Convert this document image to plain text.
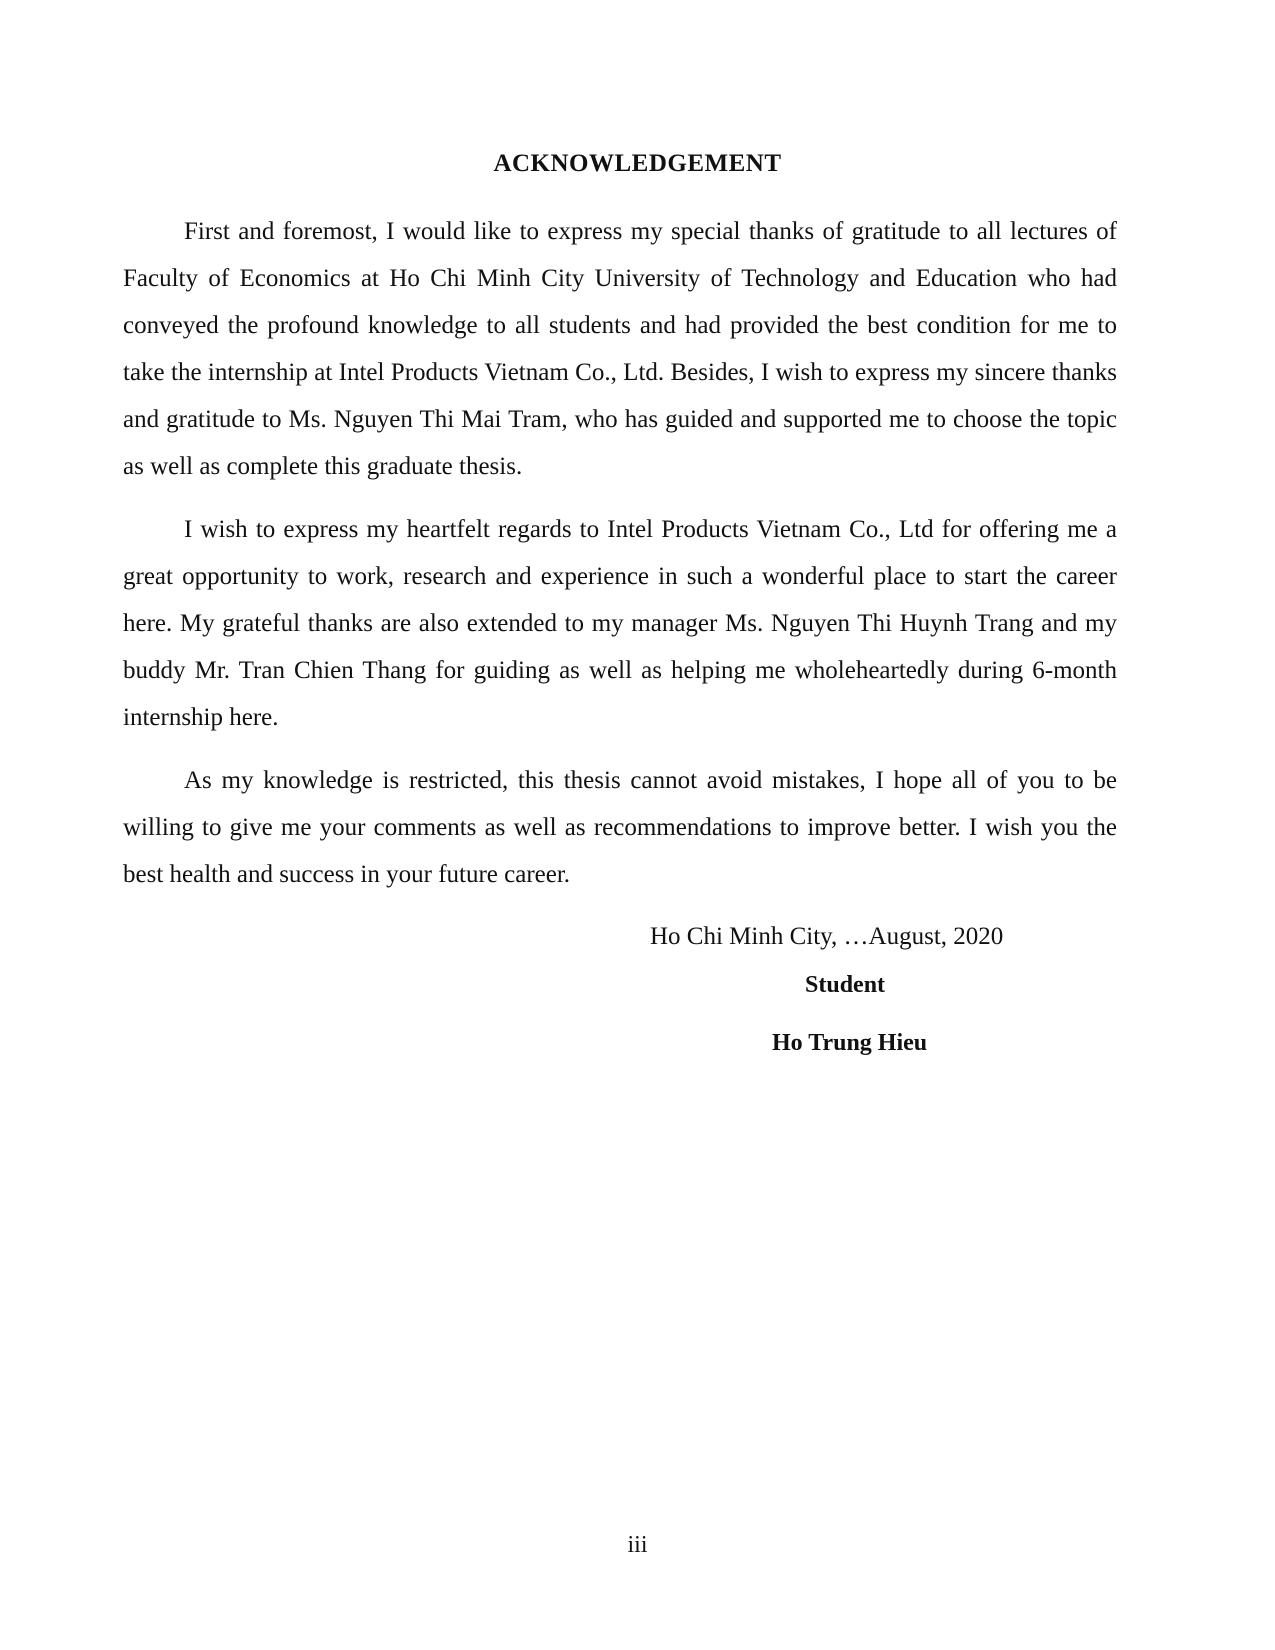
ACKNOWLEDGEMENT

First and foremost, I would like to express my special thanks of gratitude to all lectures of Faculty of Economics at Ho Chi Minh City University of Technology and Education who had conveyed the profound knowledge to all students and had provided the best condition for me to take the internship at Intel Products Vietnam Co., Ltd. Besides, I wish to express my sincere thanks and gratitude to Ms. Nguyen Thi Mai Tram, who has guided and supported me to choose the topic as well as complete this graduate thesis.

I wish to express my heartfelt regards to Intel Products Vietnam Co., Ltd for offering me a great opportunity to work, research and experience in such a wonderful place to start the career here. My grateful thanks are also extended to my manager Ms. Nguyen Thi Huynh Trang and my buddy Mr. Tran Chien Thang for guiding as well as helping me wholeheartedly during 6-month internship here.

As my knowledge is restricted, this thesis cannot avoid mistakes, I hope all of you to be willing to give me your comments as well as recommendations to improve better. I wish you the best health and success in your future career.

Ho Chi Minh City, …August, 2020

Student

Ho Trung Hieu

iii
